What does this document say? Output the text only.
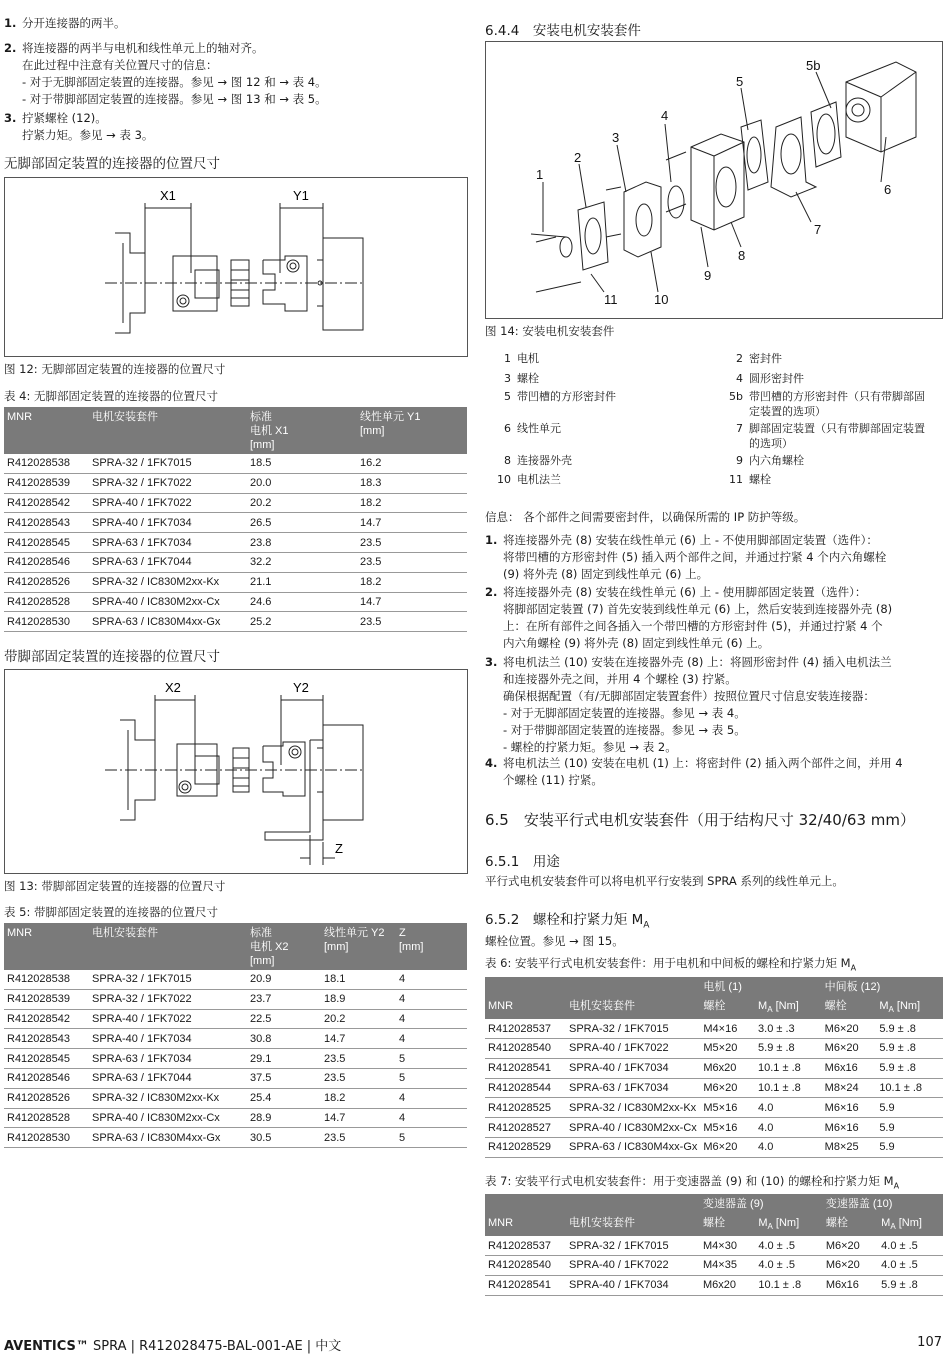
1. 分开连接器的两半。
2. 将连接器的两半与电机和线性单元上的轴对齐。
在此过程中注意有关位置尺寸的信息：
- 对于无脚部固定装置的连接器。参见 → 图 12 和 → 表 4。
- 对于带脚部固定装置的连接器。参见 → 图 13 和 → 表 5。
3. 拧紧螺栓 (12)。
拧紧力矩。参见 → 表 3。
无脚部固定装置的连接器的位置尺寸
X1	Y1
图 12: 无脚部固定装置的连接器的位置尺寸
表 4: 无脚部固定装置的连接器的位置尺寸
MNR	电机安装套件	标准
电机 X1
[mm]	线性单元 Y1
[mm]
R412028538	SPRA-32 / 1FK7015	18.5	16.2
R412028539	SPRA-32 / 1FK7022	20.0	18.3
R412028542	SPRA-40 / 1FK7022	20.2	18.2
R412028543	SPRA-40 / 1FK7034	26.5	14.7
R412028545	SPRA-63 / 1FK7034	23.8	23.5
R412028546	SPRA-63 / 1FK7044	32.2	23.5
R412028526	SPRA-32 / IC830M2xx-Kx	21.1	18.2
R412028528	SPRA-40 / IC830M2xx-Cx	24.6	14.7
R412028530	SPRA-63 / IC830M4xx-Gx	25.2	23.5
带脚部固定装置的连接器的位置尺寸
X2	Y2
Z
图 13: 带脚部固定装置的连接器的位置尺寸
表 5: 带脚部固定装置的连接器的位置尺寸
MNR	电机安装套件	标准
电机 X2
[mm]	线性单元 Y2
[mm]	Z
[mm]
R412028538	SPRA-32 / 1FK7015	20.9	18.1	4
R412028539	SPRA-32 / 1FK7022	23.7	18.9	4
R412028542	SPRA-40 / 1FK7022	22.5	20.2	4
R412028543	SPRA-40 / 1FK7034	30.8	14.7	4
R412028545	SPRA-63 / 1FK7034	29.1	23.5	5
R412028546	SPRA-63 / 1FK7044	37.5	23.5	5
R412028526	SPRA-32 / IC830M2xx-Kx	25.4	18.2	4
R412028528	SPRA-40 / IC830M2xx-Cx	28.9	14.7	4
R412028530	SPRA-63 / IC830M4xx-Gx	30.5	23.5	5
6.4.4　安装电机安装套件
1
2
3
4
5
5b
6
7
8
9
10
11
图 14: 安装电机安装套件
1 电机	2 密封件
3 螺栓	4 圆形密封件
5 带凹槽的方形密封件	5b 带凹槽的方形密封件（只有带脚部固
定装置的选项）
6 线性单元	7 脚部固定装置（只有带脚部固定装置
的选项）
8 连接器外壳	9 内六角螺栓
10 电机法兰	11 螺栓
信息： 各个部件之间需要密封件，以确保所需的 IP 防护等级。
1. 将连接器外壳 (8) 安装在线性单元 (6) 上 - 不使用脚部固定装置（选件）：
将带凹槽的方形密封件 (5) 插入两个部件之间，并通过拧紧 4 个内六角螺栓
(9) 将外壳 (8) 固定到线性单元 (6) 上。
2. 将连接器外壳 (8) 安装在线性单元 (6) 上 - 使用脚部固定装置（选件）：
将脚部固定装置 (7) 首先安装到线性单元 (6) 上，然后安装到连接器外壳 (8)
上：在所有部件之间各插入一个带凹槽的方形密封件 (5)，并通过拧紧 4 个
内六角螺栓 (9) 将外壳 (8) 固定到线性单元 (6) 上。
3. 将电机法兰 (10) 安装在连接器外壳 (8) 上：将圆形密封件 (4) 插入电机法兰
和连接器外壳之间，并用 4 个螺栓 (3) 拧紧。
确保根据配置（有/无脚部固定装置套件）按照位置尺寸信息安装连接器：
- 对于无脚部固定装置的连接器。参见 → 表 4。
- 对于带脚部固定装置的连接器。参见 → 表 5。
- 螺栓的拧紧力矩。参见 → 表 2。
4. 将电机法兰 (10) 安装在电机 (1) 上：将密封件 (2) 插入两个部件之间，并用 4
个螺栓 (11) 拧紧。
6.5　安装平行式电机安装套件（用于结构尺寸 32/40/63 mm）
6.5.1　用途
平行式电机安装套件可以将电机平行安装到 SPRA 系列的线性单元上。
6.5.2　螺栓和拧紧力矩 $M_A$
螺栓位置。参见 → 图 15。
表 6: 安装平行式电机安装套件：用于电机和中间板的螺栓和拧紧力矩 $M_A$
		电机 (1)		中间板 (12)	
MNR	电机安装套件	螺栓	$M_A$ [Nm]	螺栓	$M_A$ [Nm]
R412028537	SPRA-32 / 1FK7015	M4×16	3.0 ± .3	M6×20	5.9 ± .8
R412028540	SPRA-40 / 1FK7022	M5×20	5.9 ± .8	M6×20	5.9 ± .8
R412028541	SPRA-40 / 1FK7034	M6x20	10.1 ± .8	M6x16	5.9 ± .8
R412028544	SPRA-63 / 1FK7034	M6×20	10.1 ± .8	M8×24	10.1 ± .8
R412028525	SPRA-32 / IC830M2xx-Kx	M5×16	4.0	M6×16	5.9
R412028527	SPRA-40 / IC830M2xx-Cx	M5×16	4.0	M6×16	5.9
R412028529	SPRA-63 / IC830M4xx-Gx	M6×20	4.0	M8×25	5.9
表 7: 安装平行式电机安装套件：用于变速器盖 (9) 和 (10) 的螺栓和拧紧力矩 $M_A$
		变速器盖 (9)		变速器盖 (10)	
MNR	电机安装套件	螺栓	$M_A$ [Nm]	螺栓	$M_A$ [Nm]
R412028537	SPRA-32 / 1FK7015	M4×30	4.0 ± .5	M6×20	4.0 ± .5
R412028540	SPRA-40 / 1FK7022	M4×35	4.0 ± .5	M6×20	4.0 ± .5
R412028541	SPRA-40 / 1FK7034	M6x20	10.1 ± .8	M6x16	5.9 ± .8
AVENTICS™ SPRA | R412028475-BAL-001-AE | 中文	107
